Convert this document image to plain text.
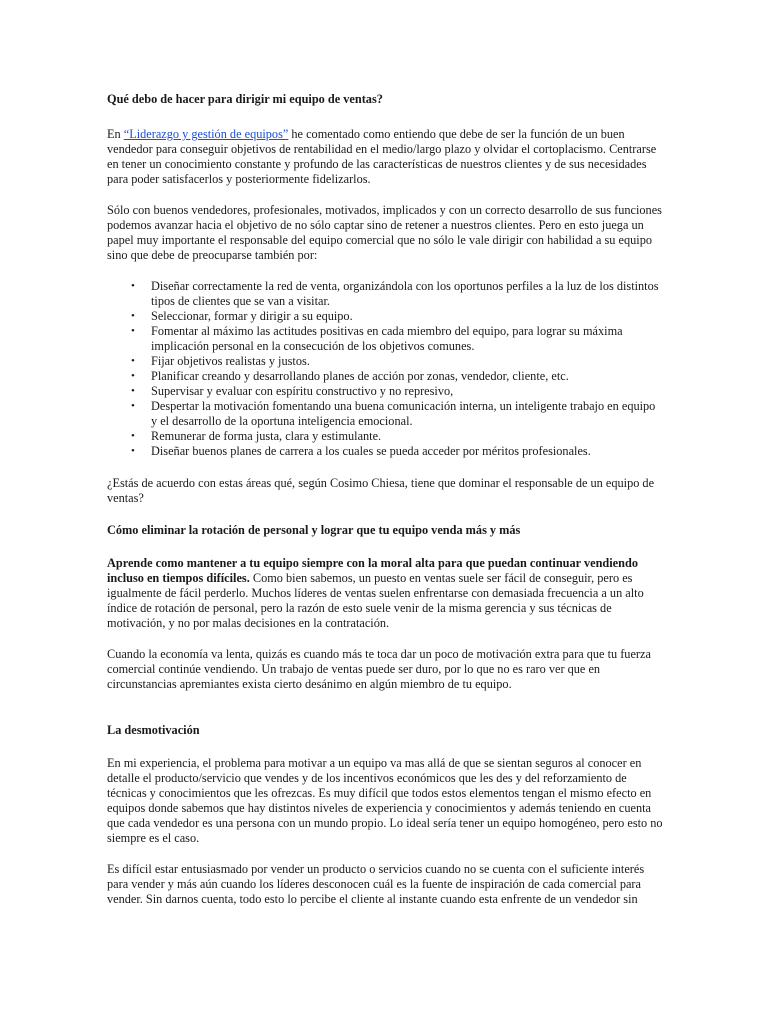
Qué debo de hacer para dirigir mi equipo de ventas?

En “Liderazgo y gestión de equipos” he comentado como entiendo que debe de ser la función de un buen vendedor para conseguir objetivos de rentabilidad en el medio/largo plazo y olvidar el cortoplacismo. Centrarse en tener un conocimiento constante y profundo de las características de nuestros clientes y de sus necesidades para poder satisfacerlos y posteriormente fidelizarlos.

Sólo con buenos vendedores, profesionales, motivados, implicados y con un correcto desarrollo de sus funciones podemos avanzar hacia el objetivo de no sólo captar sino de retener a nuestros clientes. Pero en esto juega un papel muy importante el responsable del equipo comercial que no sólo le vale dirigir con habilidad a su equipo sino que debe de preocuparse también por:

• Diseñar correctamente la red de venta, organizándola con los oportunos perfiles a la luz de los distintos tipos de clientes que se van a visitar.
• Seleccionar, formar y dirigir a su equipo.
• Fomentar al máximo las actitudes positivas en cada miembro del equipo, para lograr su máxima implicación personal en la consecución de los objetivos comunes.
• Fijar objetivos realistas y justos.
• Planificar creando y desarrollando planes de acción por zonas, vendedor, cliente, etc.
• Supervisar y evaluar con espíritu constructivo y no represivo,
• Despertar la motivación fomentando una buena comunicación interna, un inteligente trabajo en equipo y el desarrollo de la oportuna inteligencia emocional.
• Remunerar de forma justa, clara y estimulante.
• Diseñar buenos planes de carrera a los cuales se pueda acceder por méritos profesionales.

¿Estás de acuerdo con estas áreas qué, según Cosimo Chiesa, tiene que dominar el responsable de un equipo de ventas?

Cómo eliminar la rotación de personal y lograr que tu equipo venda más y más

Aprende como mantener a tu equipo siempre con la moral alta para que puedan continuar vendiendo incluso en tiempos difíciles. Como bien sabemos, un puesto en ventas suele ser fácil de conseguir, pero es igualmente de fácil perderlo. Muchos líderes de ventas suelen enfrentarse con demasiada frecuencia a un alto índice de rotación de personal, pero la razón de esto suele venir de la misma gerencia y sus técnicas de motivación, y no por malas decisiones en la contratación.

Cuando la economía va lenta, quizás es cuando más te toca dar un poco de motivación extra para que tu fuerza comercial continúe vendiendo. Un trabajo de ventas puede ser duro, por lo que no es raro ver que en circunstancias apremiantes exista cierto desánimo en algún miembro de tu equipo.

La desmotivación

En mi experiencia, el problema para motivar a un equipo va mas allá de que se sientan seguros al conocer en detalle el producto/servicio que vendes y de los incentivos económicos que les des y del reforzamiento de técnicas y conocimientos que les ofrezcas. Es muy difícil que todos estos elementos tengan el mismo efecto en equipos donde sabemos que hay distintos niveles de experiencia y conocimientos y además teniendo en cuenta que cada vendedor es una persona con un mundo propio. Lo ideal sería tener un equipo homogéneo, pero esto no siempre es el caso.

Es difícil estar entusiasmado por vender un producto o servicios cuando no se cuenta con el suficiente interés para vender y más aún cuando los líderes desconocen cuál es la fuente de inspiración de cada comercial para vender. Sin darnos cuenta, todo esto lo percibe el cliente al instante cuando esta enfrente de un vendedor sin
